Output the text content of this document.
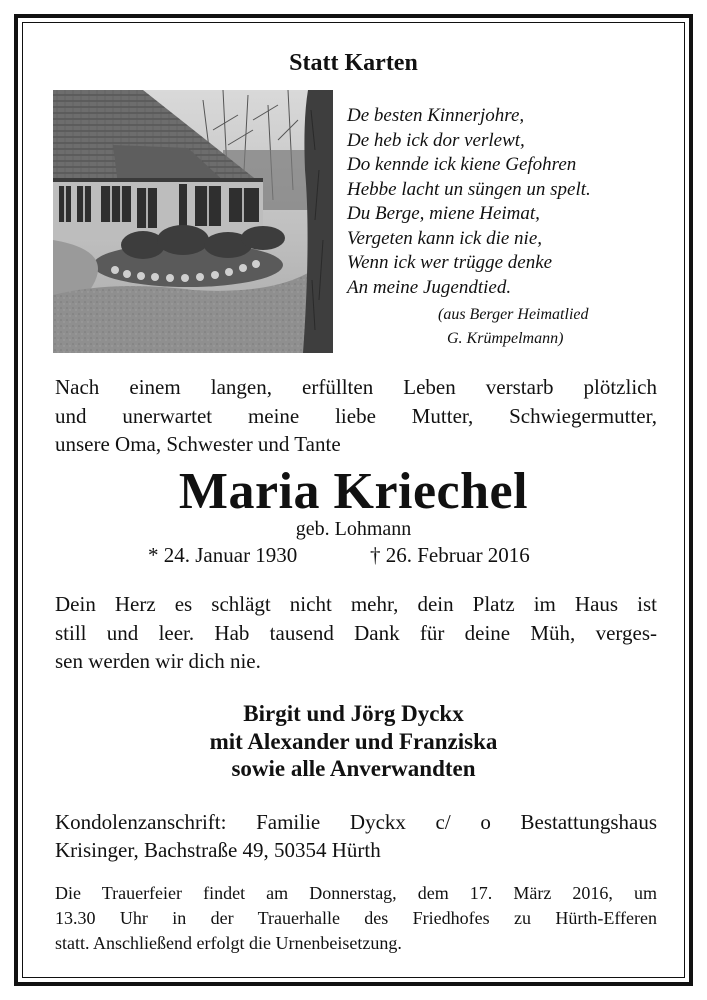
Statt Karten
De besten Kinnerjohre,
De heb ick dor verlewt,
Do kennde ick kiene Gefohren
Hebbe lacht un süngen un spelt.
Du Berge, miene Heimat,
Vergeten kann ick die nie,
Wenn ick wer trügge denke
An meine Jugendtied.
(aus Berger Heimatlied
G. Krümpelmann)
Nach einem langen, erfüllten Leben verstarb plötzlich
und unerwartet meine liebe Mutter, Schwiegermutter,
unsere Oma, Schwester und Tante
Maria Kriechel
geb. Lohmann
* 24. Januar 1930	† 26. Februar 2016
Dein Herz es schlägt nicht mehr, dein Platz im Haus ist
still und leer. Hab tausend Dank für deine Müh, verges-
sen werden wir dich nie.
Birgit und Jörg Dyckx
mit Alexander und Franziska
sowie alle Anverwandten
Kondolenzanschrift: Familie Dyckx c/ o Bestattungshaus
Krisinger, Bachstraße 49, 50354 Hürth
Die Trauerfeier findet am Donnerstag, dem 17. März 2016, um
13.30 Uhr in der Trauerhalle des Friedhofes zu Hürth-Efferen
statt. Anschließend erfolgt die Urnenbeisetzung.
